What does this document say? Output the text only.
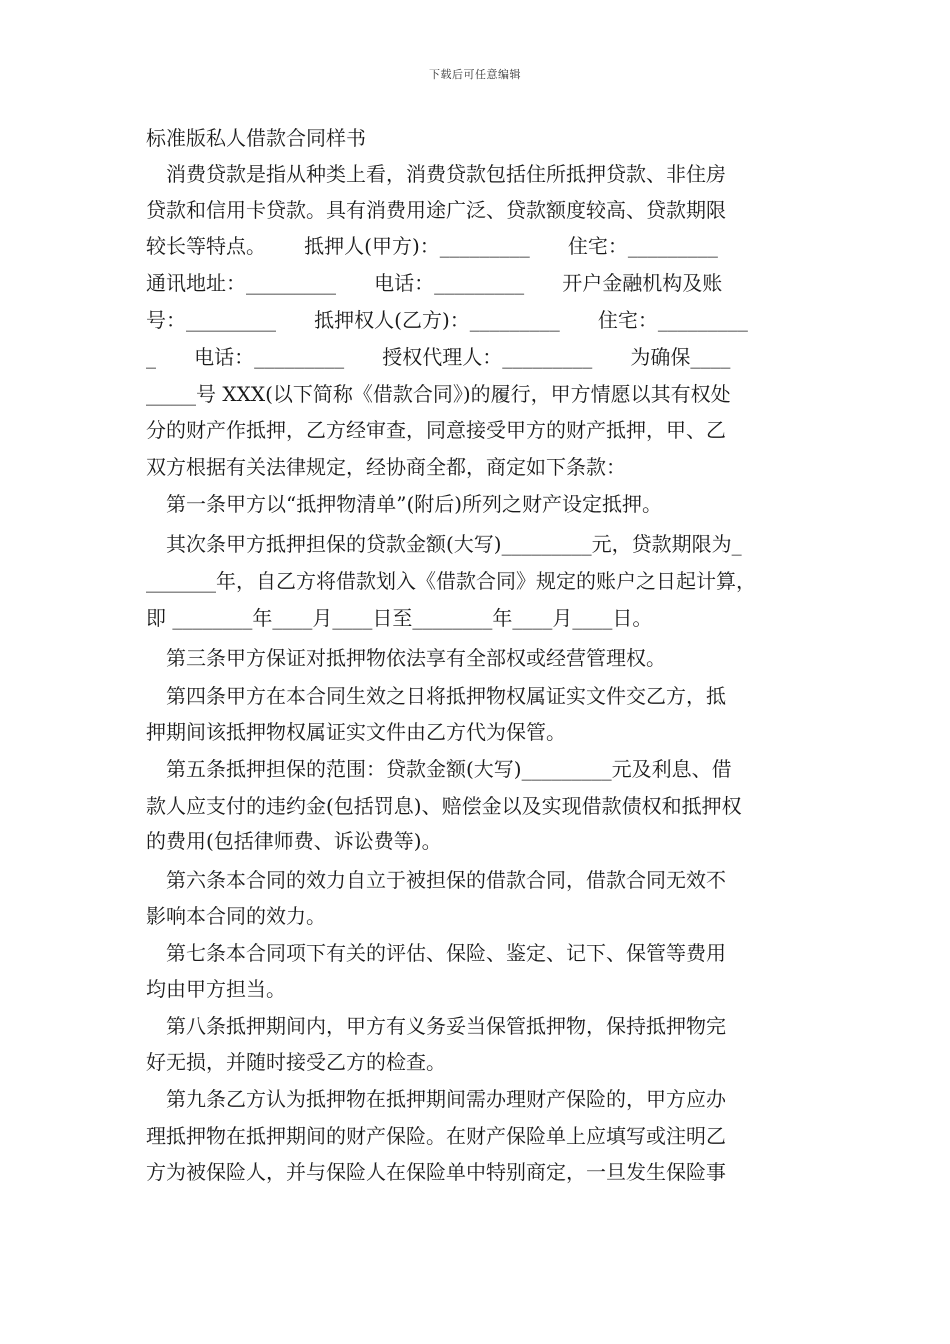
下载后可任意编辑
标准版私人借款合同样书
消费贷款是指从种类上看，消费贷款包括住所抵押贷款、非住房
贷款和信用卡贷款。具有消费用途广泛、贷款额度较高、贷款期限
较长等特点。      抵押人(甲方)：_________      住宅：_________
通讯地址：_________      电话：_________      开户金融机构及账
号：_________      抵押权人(乙方)：_________      住宅：_________
_      电话：_________      授权代理人：_________      为确保____
_____号 XXX(以下简称《借款合同》)的履行，甲方情愿以其有权处
分的财产作抵押，乙方经审查，同意接受甲方的财产抵押，甲、乙
双方根据有关法律规定，经协商全都，商定如下条款：
第一条甲方以“抵押物清单”(附后)所列之财产设定抵押。
其次条甲方抵押担保的贷款金额(大写)_________元，贷款期限为_
_______年，自乙方将借款划入《借款合同》规定的账户之日起计算，
即 ________年____月____日至________年____月____日。
第三条甲方保证对抵押物依法享有全部权或经营管理权。
第四条甲方在本合同生效之日将抵押物权属证实文件交乙方，抵
押期间该抵押物权属证实文件由乙方代为保管。
第五条抵押担保的范围：贷款金额(大写)_________元及利息、借
款人应支付的违约金(包括罚息)、赔偿金以及实现借款债权和抵押权
的费用(包括律师费、诉讼费等)。
第六条本合同的效力自立于被担保的借款合同，借款合同无效不
影响本合同的效力。
第七条本合同项下有关的评估、保险、鉴定、记下、保管等费用
均由甲方担当。
第八条抵押期间内，甲方有义务妥当保管抵押物，保持抵押物完
好无损，并随时接受乙方的检查。
第九条乙方认为抵押物在抵押期间需办理财产保险的，甲方应办
理抵押物在抵押期间的财产保险。在财产保险单上应填写或注明乙
方为被保险人，并与保险人在保险单中特别商定，一旦发生保险事
